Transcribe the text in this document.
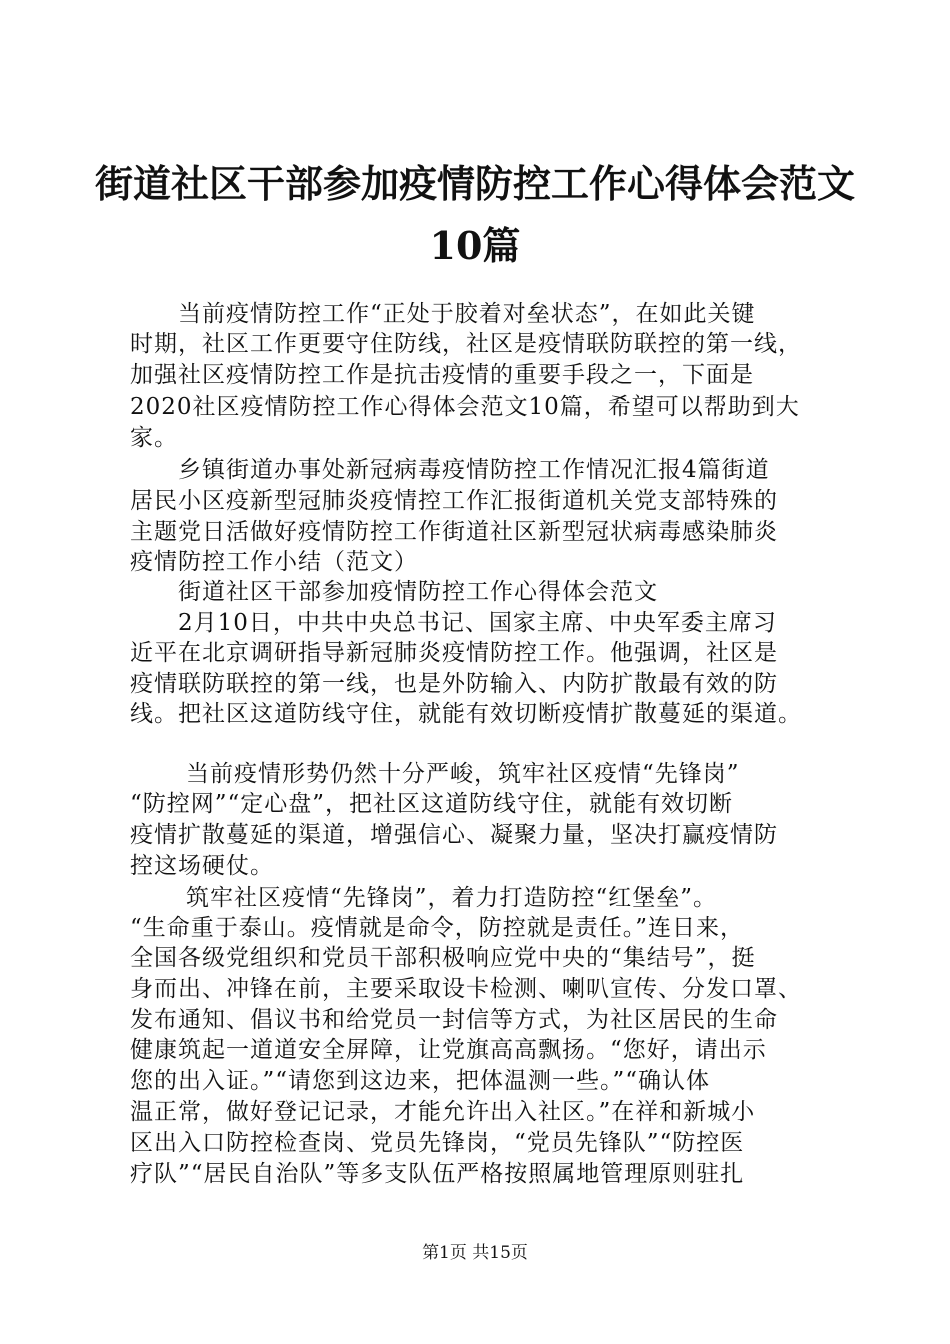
街道社区干部参加疫情防控工作心得体会范文
10篇

当前疫情防控工作“正处于胶着对垒状态”，在如此关键

时期，社区工作更要守住防线，社区是疫情联防联控的第一线，

加强社区疫情防控工作是抗击疫情的重要手段之一，下面是

2020社区疫情防控工作心得体会范文10篇，希望可以帮助到大

家。

乡镇街道办事处新冠病毒疫情防控工作情况汇报4篇街道

居民小区疫新型冠肺炎疫情控工作汇报街道机关党支部特殊的

主题党日活做好疫情防控工作街道社区新型冠状病毒感染肺炎

疫情防控工作小结（范文）

街道社区干部参加疫情防控工作心得体会范文

2月10日，中共中央总书记、国家主席、中央军委主席习

近平在北京调研指导新冠肺炎疫情防控工作。他强调，社区是

疫情联防联控的第一线，也是外防输入、内防扩散最有效的防

线。把社区这道防线守住，就能有效切断疫情扩散蔓延的渠道。

当前疫情形势仍然十分严峻，筑牢社区疫情“先锋岗”

“防控网”“定心盘”，把社区这道防线守住，就能有效切断

疫情扩散蔓延的渠道，增强信心、凝聚力量，坚决打赢疫情防

控这场硬仗。

筑牢社区疫情“先锋岗”，着力打造防控“红堡垒”。

“生命重于泰山。疫情就是命令，防控就是责任。”连日来，

全国各级党组织和党员干部积极响应党中央的“集结号”，挺

身而出、冲锋在前，主要采取设卡检测、喇叭宣传、分发口罩、

发布通知、倡议书和给党员一封信等方式，为社区居民的生命

健康筑起一道道安全屏障，让党旗高高飘扬。“您好，请出示

您的出入证。”“请您到这边来，把体温测一些。”“确认体

温正常，做好登记记录，才能允许出入社区。”在祥和新城小

区出入口防控检查岗、党员先锋岗，“党员先锋队”“防控医

疗队”“居民自治队”等多支队伍严格按照属地管理原则驻扎

第1页 共15页
